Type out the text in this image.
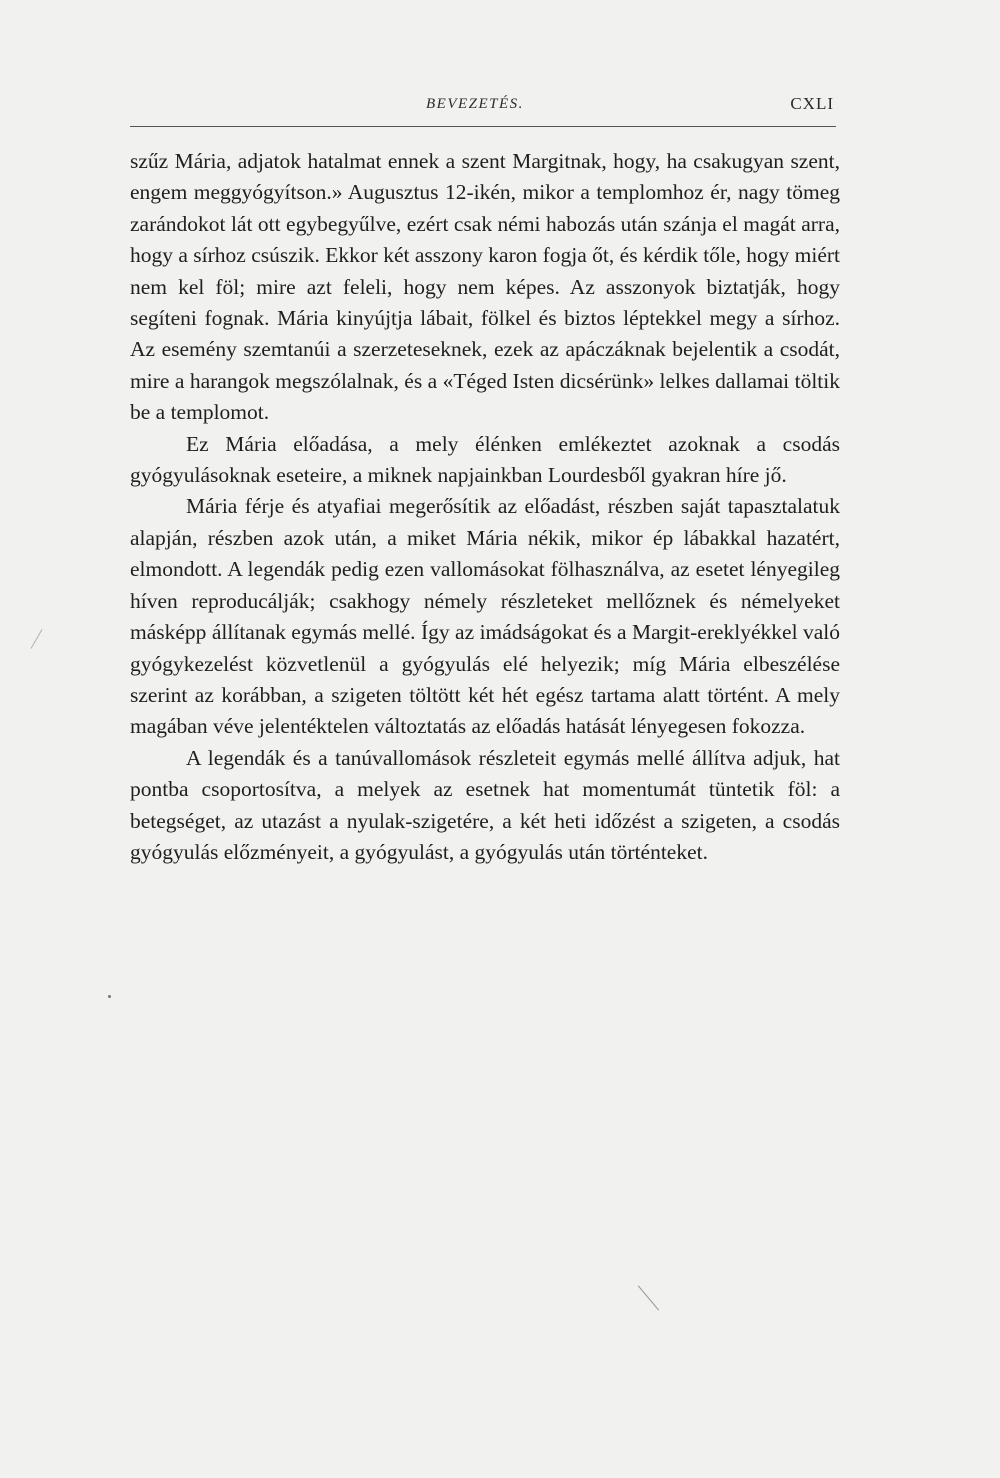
BEVEZETÉS.	CXLI

szűz Mária, adjatok hatalmat ennek a szent Margitnak, hogy, ha csakugyan szent, engem meggyógyítson.» Augusztus 12-ikén, mikor a templomhoz ér, nagy tömeg zarándokot lát ott egybegyűlve, ezért csak némi habozás után szánja el magát arra, hogy a sírhoz csúszik. Ekkor két asszony karon fogja őt, és kérdik tőle, hogy miért nem kel föl; mire azt feleli, hogy nem képes. Az asszonyok biztatják, hogy segíteni fognak. Mária kinyújtja lábait, fölkel és biztos léptekkel megy a sírhoz. Az esemény szemtanúi a szerzeteseknek, ezek az apáczáknak bejelentik a csodát, mire a harangok megszólalnak, és a «Téged Isten dicsérünk» lelkes dallamai töltik be a templomot.

Ez Mária előadása, a mely élénken emlékeztet azoknak a csodás gyógyulásoknak eseteire, a miknek napjainkban Lourdesből gyakran híre jő.

Mária férje és atyafiai megerősítik az előadást, részben saját tapasztalatuk alapján, részben azok után, a miket Mária nékik, mikor ép lábakkal hazatért, elmondott. A legendák pedig ezen vallomásokat fölhasználva, az esetet lényegileg híven reproducálják; csakhogy némely részleteket mellőznek és némelyeket másképp állítanak egymás mellé. Így az imádságokat és a Margit-ereklyékkel való gyógykezelést közvetlenül a gyógyulás elé helyezik; míg Mária elbeszélése szerint az korábban, a szigeten töltött két hét egész tartama alatt történt. A mely magában véve jelentéktelen változtatás az előadás hatását lényegesen fokozza.

A legendák és a tanúvallomások részleteit egymás mellé állítva adjuk, hat pontba csoportosítva, a melyek az esetnek hat momentumát tüntetik föl: a betegséget, az utazást a nyulak-szigetére, a két heti időzést a szigeten, a csodás gyógyulás előzményeit, a gyógyulást, a gyógyulás után történteket.
